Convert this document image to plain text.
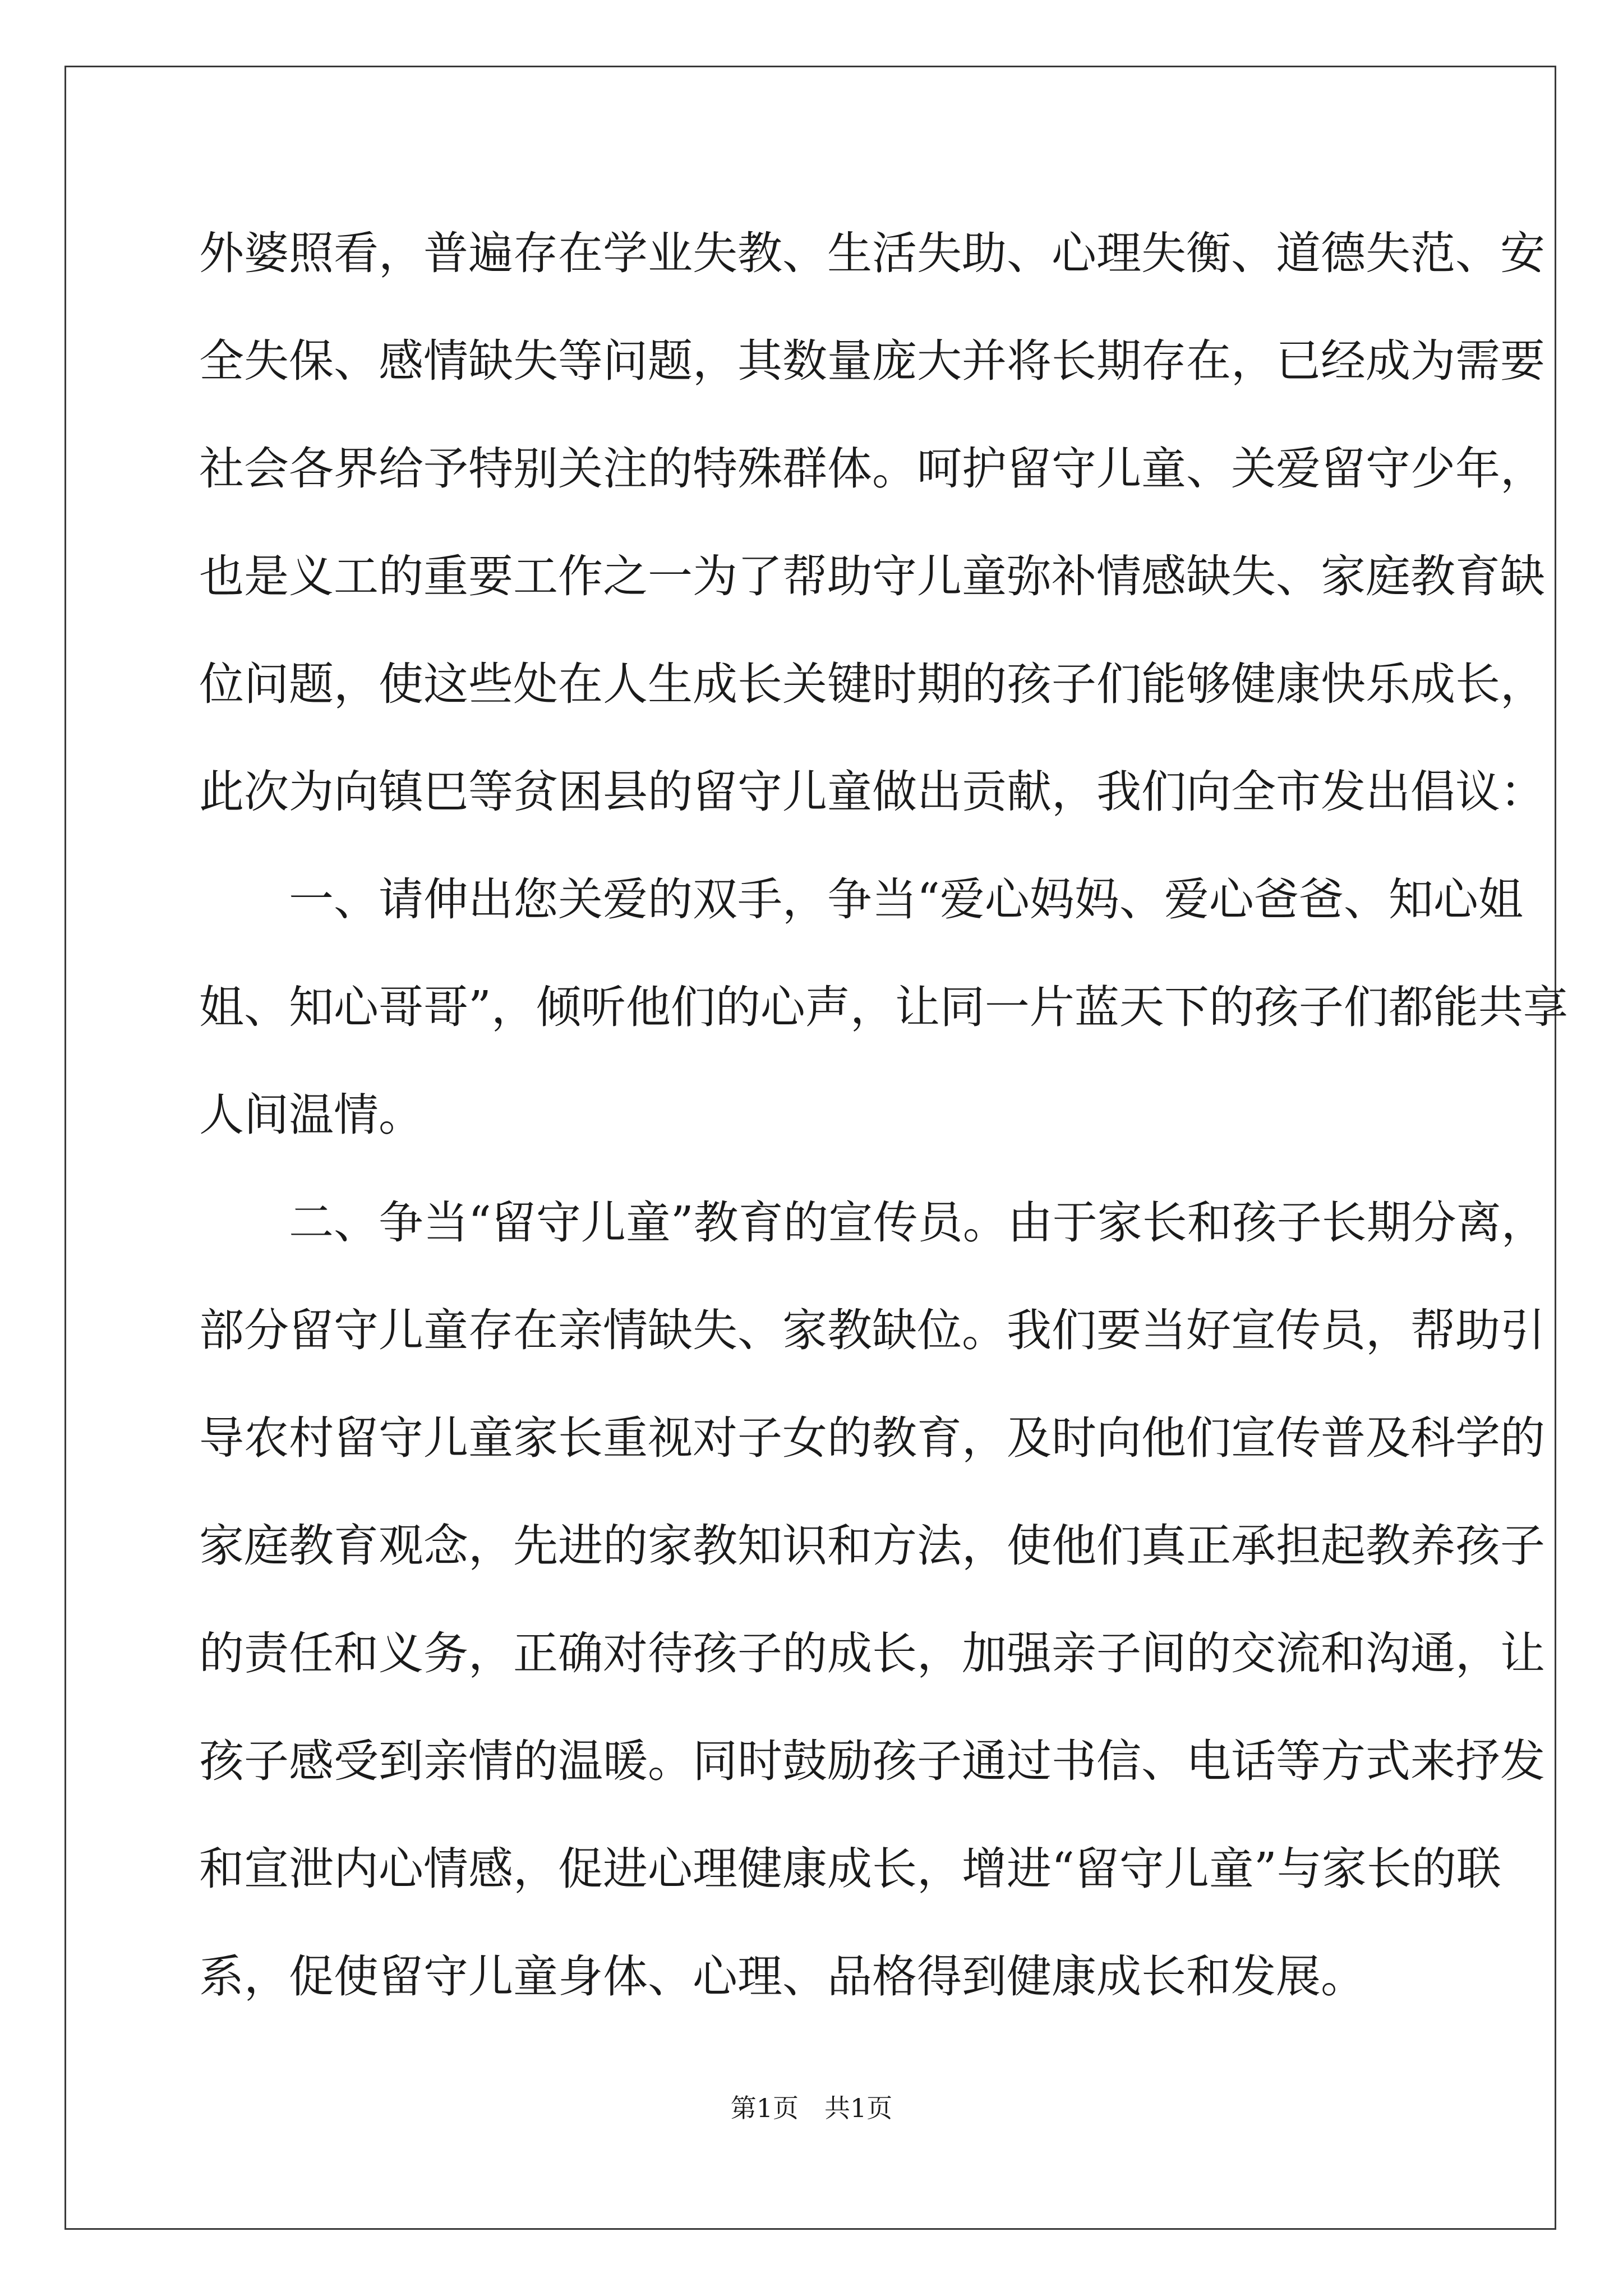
外婆照看，普遍存在学业失教、生活失助、心理失衡、道德失范、安
全失保、感情缺失等问题，其数量庞大并将长期存在，已经成为需要
社会各界给予特别关注的特殊群体。呵护留守儿童、关爱留守少年，
也是义工的重要工作之一为了帮助守儿童弥补情感缺失、家庭教育缺
位问题，使这些处在人生成长关键时期的孩子们能够健康快乐成长，
此次为向镇巴等贫困县的留守儿童做出贡献，我们向全市发出倡议：
　　一、请伸出您关爱的双手，争当“爱心妈妈、爱心爸爸、知心姐
姐、知心哥哥”，倾听他们的心声，让同一片蓝天下的孩子们都能共享
人间温情。
　　二、争当“留守儿童”教育的宣传员。由于家长和孩子长期分离，
部分留守儿童存在亲情缺失、家教缺位。我们要当好宣传员，帮助引
导农村留守儿童家长重视对子女的教育，及时向他们宣传普及科学的
家庭教育观念，先进的家教知识和方法，使他们真正承担起教养孩子
的责任和义务，正确对待孩子的成长，加强亲子间的交流和沟通，让
孩子感受到亲情的温暖。同时鼓励孩子通过书信、电话等方式来抒发
和宣泄内心情感，促进心理健康成长，增进“留守儿童”与家长的联
系，促使留守儿童身体、心理、品格得到健康成长和发展。
第1页　共1页
